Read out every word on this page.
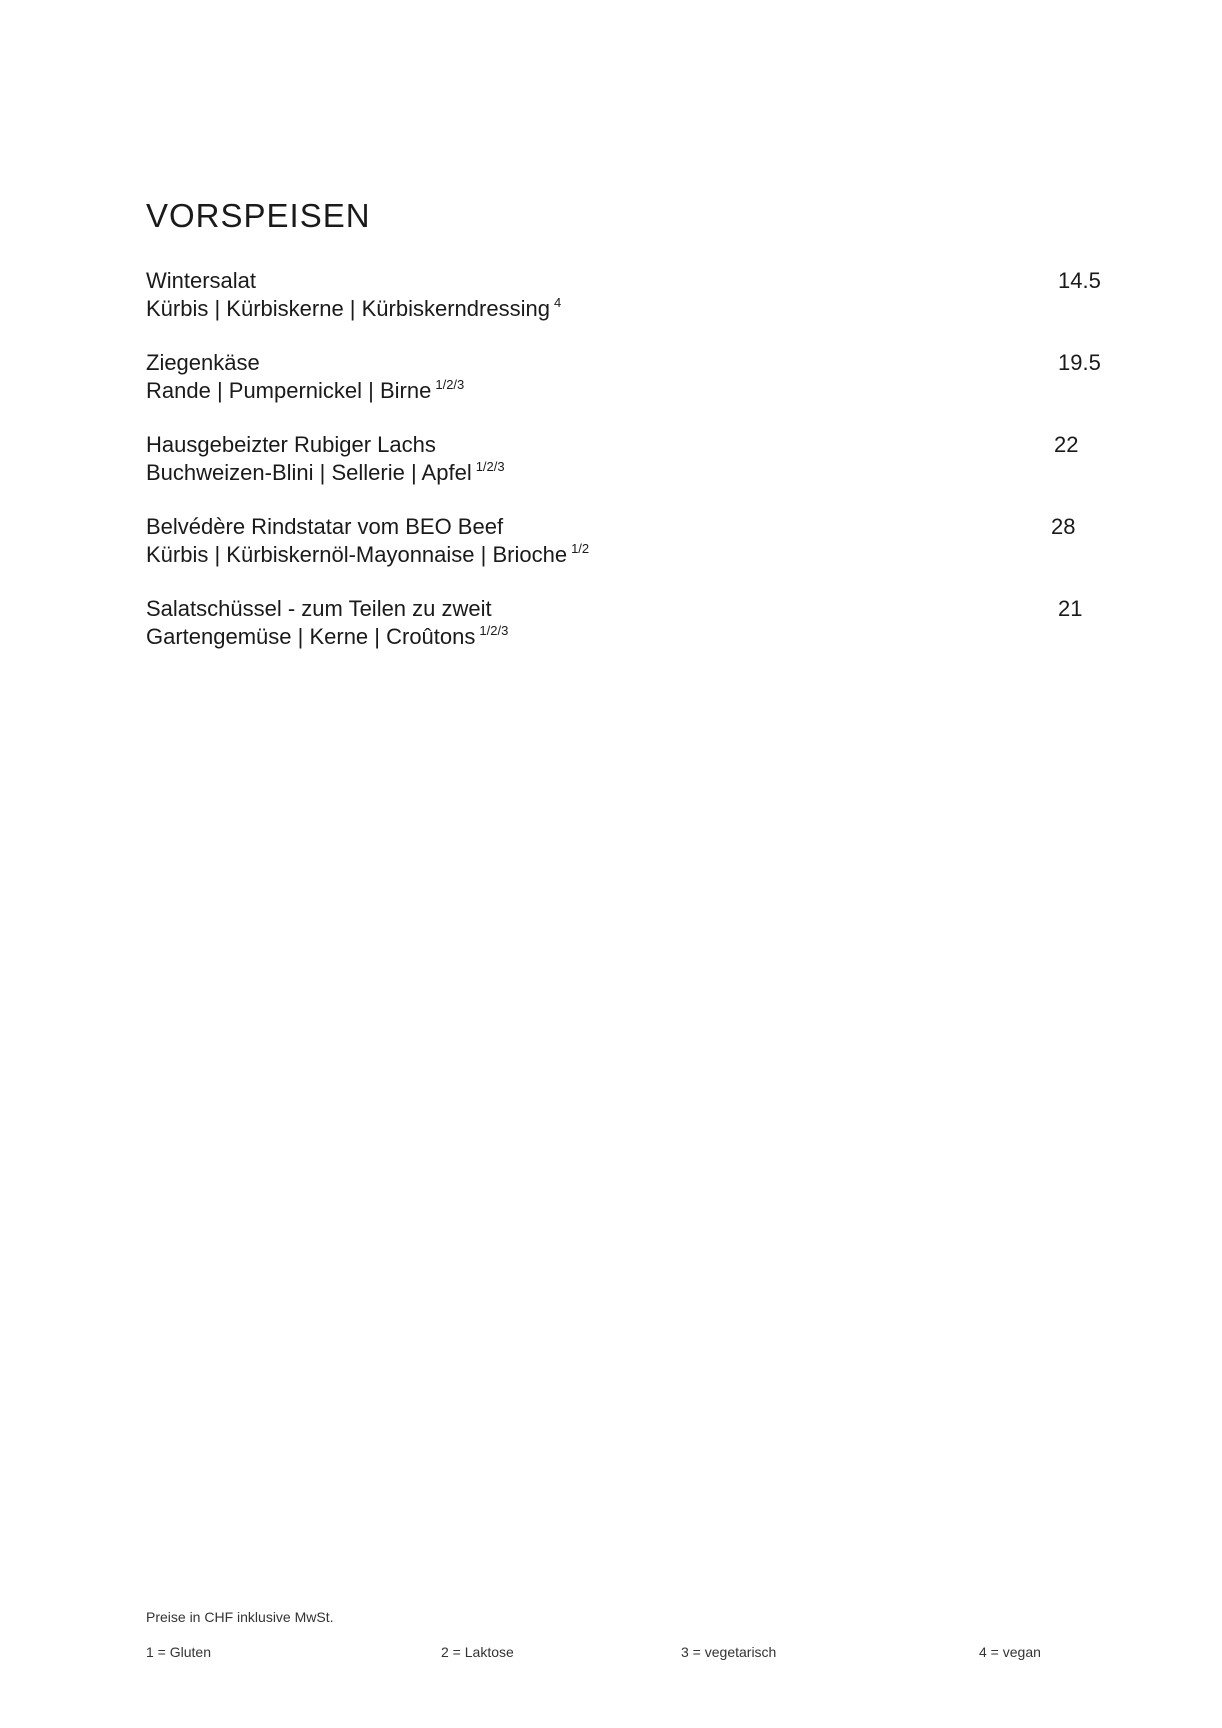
VORSPEISEN
Wintersalat
Kürbis | Kürbiskerne | Kürbiskerndressing $^4$
14.5
Ziegenkäse
Rande | Pumpernickel | Birne $^{1/2/3}$
19.5
Hausgebeizter Rubiger Lachs
Buchweizen-Blini | Sellerie | Apfel $^{1/2/3}$
22
Belvédère Rindstatar vom BEO Beef
Kürbis | Kürbiskernöl-Mayonnaise | Brioche $^{1/2}$
28
Salatschüssel - zum Teilen zu zweit
Gartengemüse | Kerne | Croûtons $^{1/2/3}$
21
Preise in CHF inklusive MwSt.
1 = Gluten	2 = Laktose	3 = vegetarisch	4 = vegan
